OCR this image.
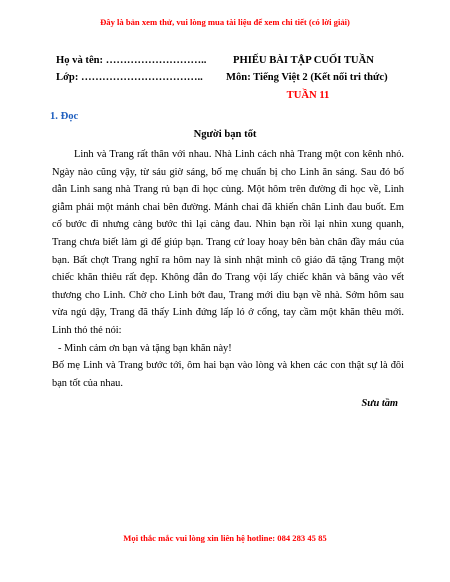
Đây là bản xem thử, vui lòng mua tài liệu để xem chi tiết (có lời giải)
Họ và tên: ………………………..	PHIẾU BÀI TẬP CUỐI TUẦN
Lớp: …………………………….. Môn: Tiếng Việt 2 (Kết nối tri thức)
TUẦN 11
1. Đọc
Người bạn tốt

Linh và Trang rất thân với nhau. Nhà Linh cách nhà Trang một con kênh nhỏ. Ngày nào cũng vậy, từ sáu giờ sáng, bố mẹ chuẩn bị cho Linh ăn sáng. Sau đó bố dẫn Linh sang nhà Trang rủ bạn đi học cùng. Một hôm trên đường đi học về, Linh giẫm phải một mảnh chai bên đường. Mảnh chai đã khiến chân Linh đau buốt. Em cố bước đi nhưng càng bước thì lại càng đau. Nhìn bạn rồi lại nhìn xung quanh, Trang chưa biết làm gì để giúp bạn. Trang cứ loay hoay bên bàn chân đầy máu của bạn. Bất chợt Trang nghĩ ra hôm nay là sinh nhật mình cô giáo đã tặng Trang một chiếc khăn thiêu rất đẹp. Không đắn đo Trang vội lấy chiếc khăn và băng vào vết thương cho Linh. Chờ cho Linh bớt đau, Trang mới dìu bạn về nhà. Sớm hôm sau vừa ngủ dậy, Trang đã thấy Linh đứng lấp ló ở cổng, tay cầm một khăn thêu mới. Linh thỏ thẻ nói:

- Mình cảm ơn bạn và tặng bạn khăn này!

Bố mẹ Linh và Trang bước tới, ôm hai bạn vào lòng và khen các con thật sự là đôi bạn tốt của nhau.

Sưu tầm
Mọi thắc mắc vui lòng xin liên hệ hotline: 084 283 45 85
